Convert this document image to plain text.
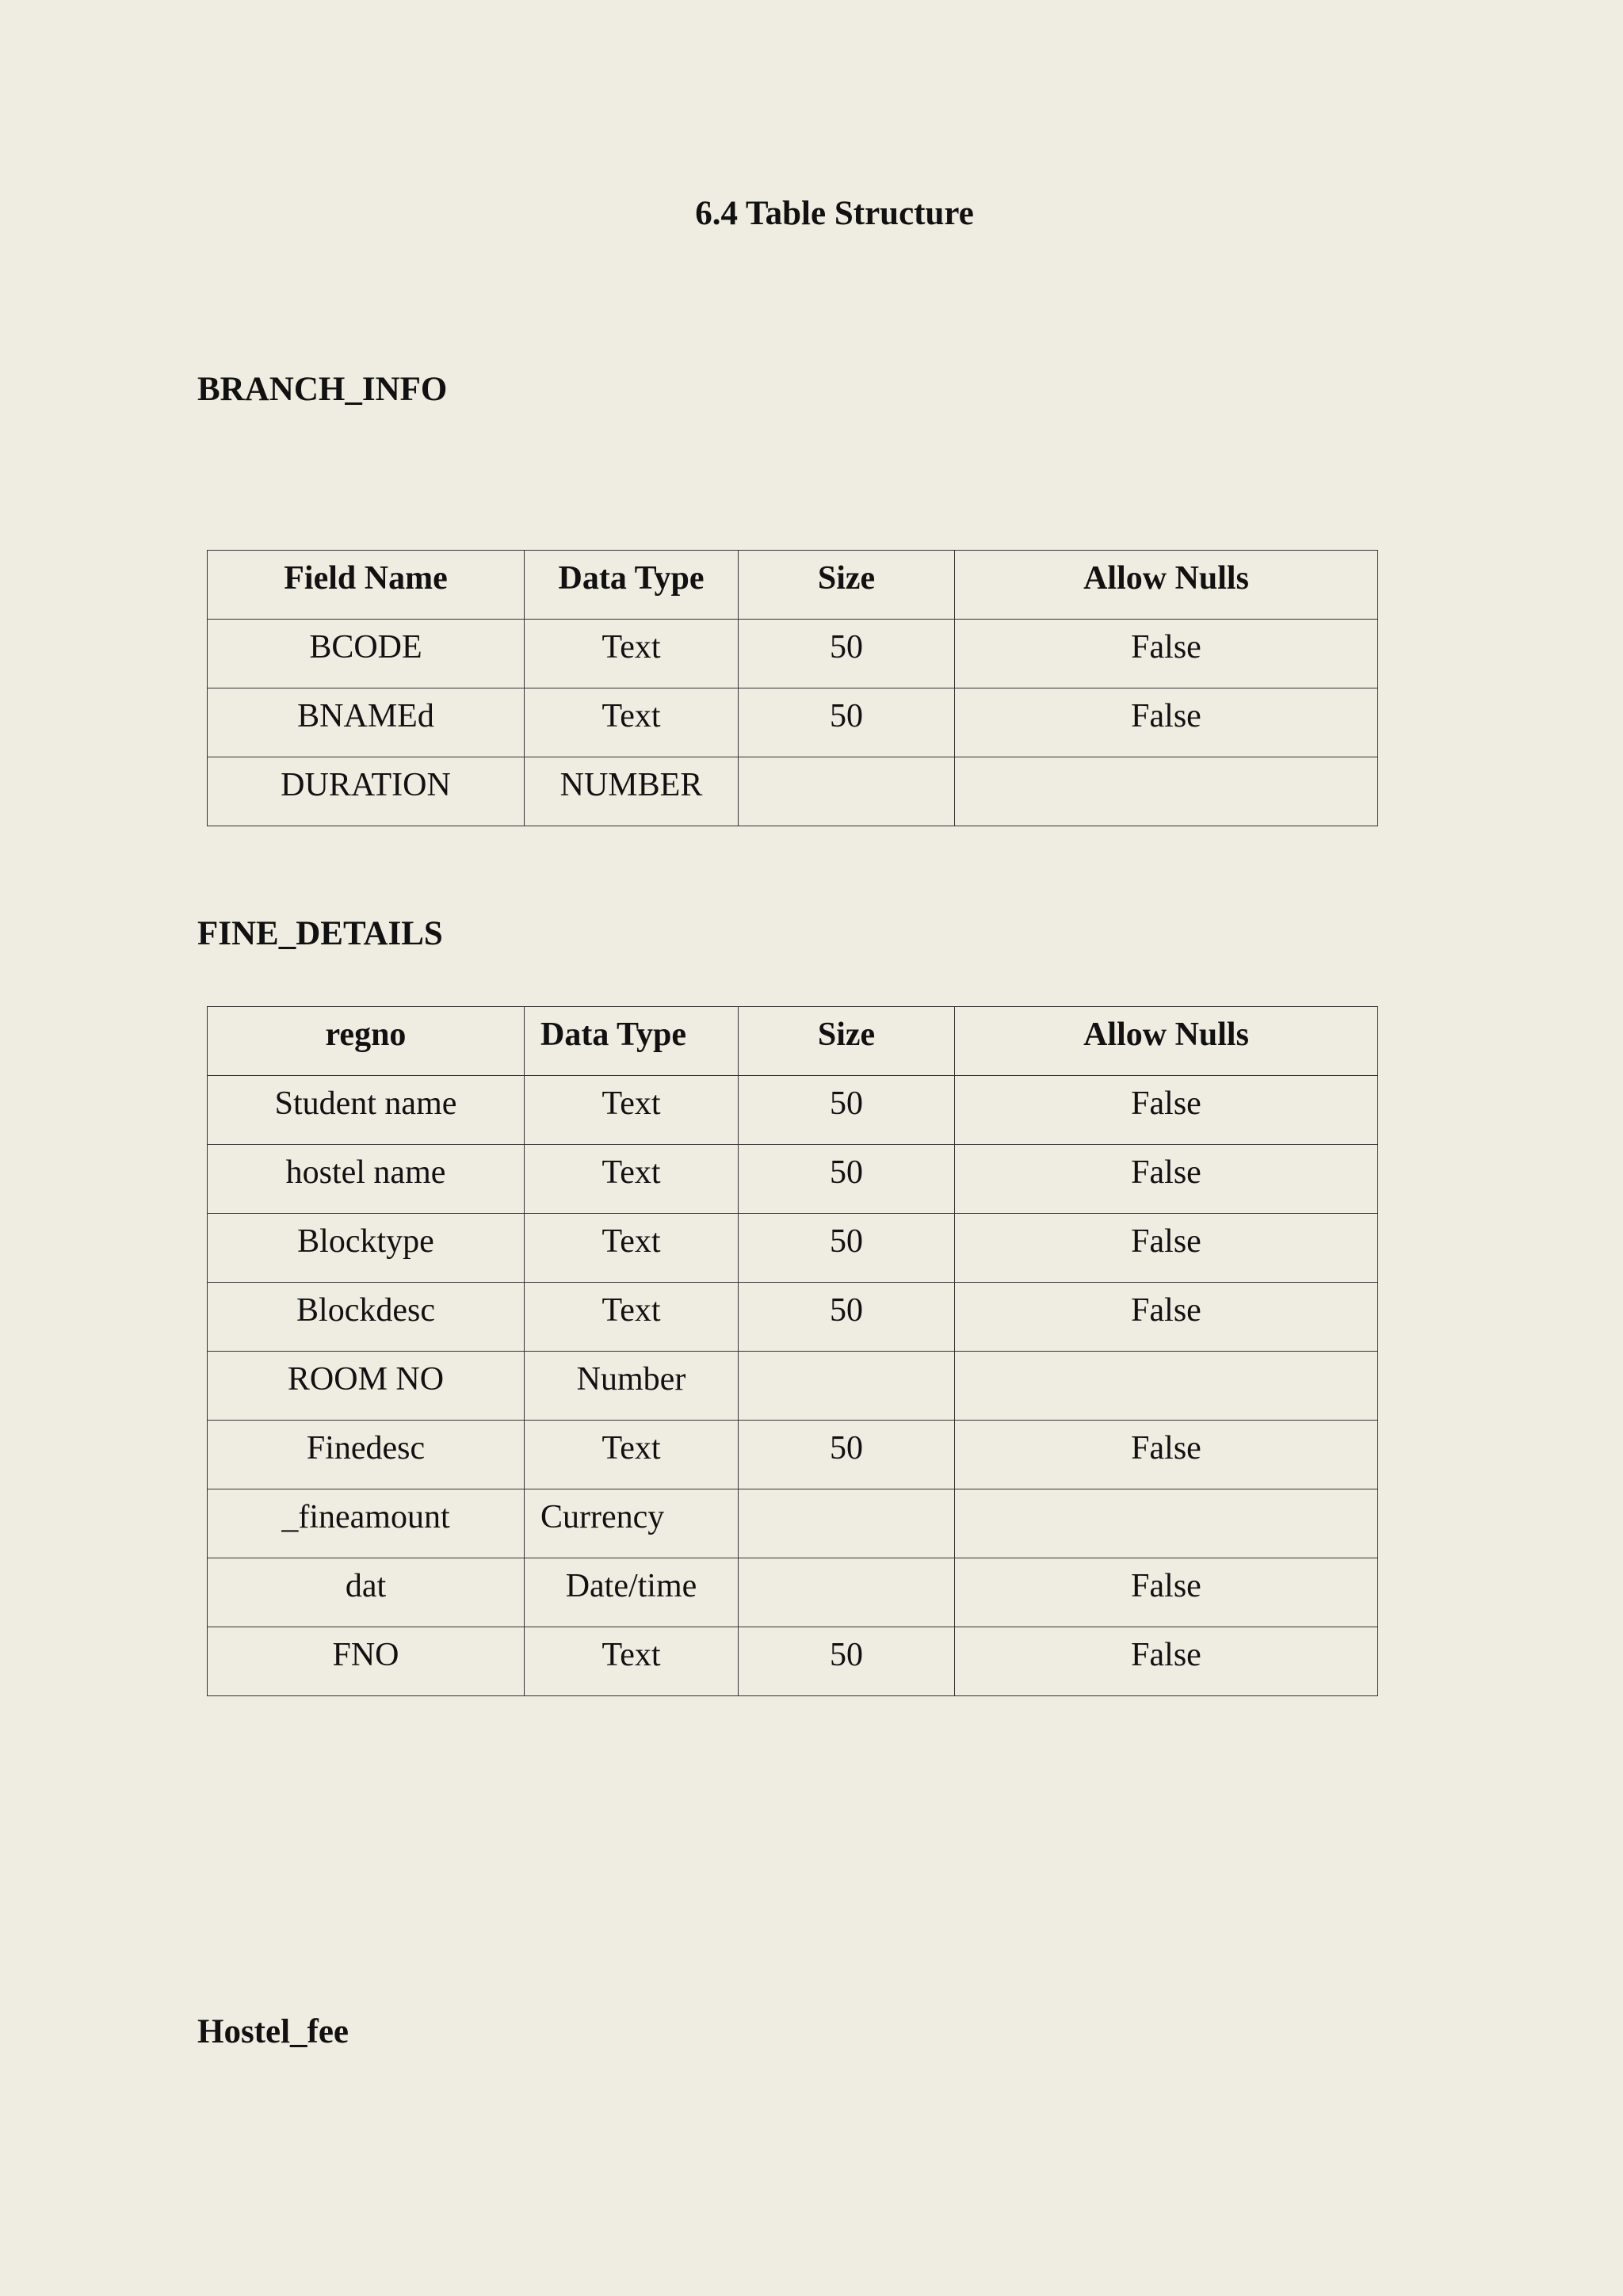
6.4 Table Structure
BRANCH_INFO
Field Name	Data Type	Size	Allow Nulls
BCODE	Text	50	False
BNAMEd	Text	50	False
DURATION	NUMBER		
FINE_DETAILS
regno	Data Type	Size	Allow Nulls
Student name	Text	50	False
hostel name	Text	50	False
Blocktype	Text	50	False
Blockdesc	Text	50	False
ROOM NO	Number		
Finedesc	Text	50	False
_fineamount	Currency		
dat	Date/time		False
FNO	Text	50	False
Hostel_fee
